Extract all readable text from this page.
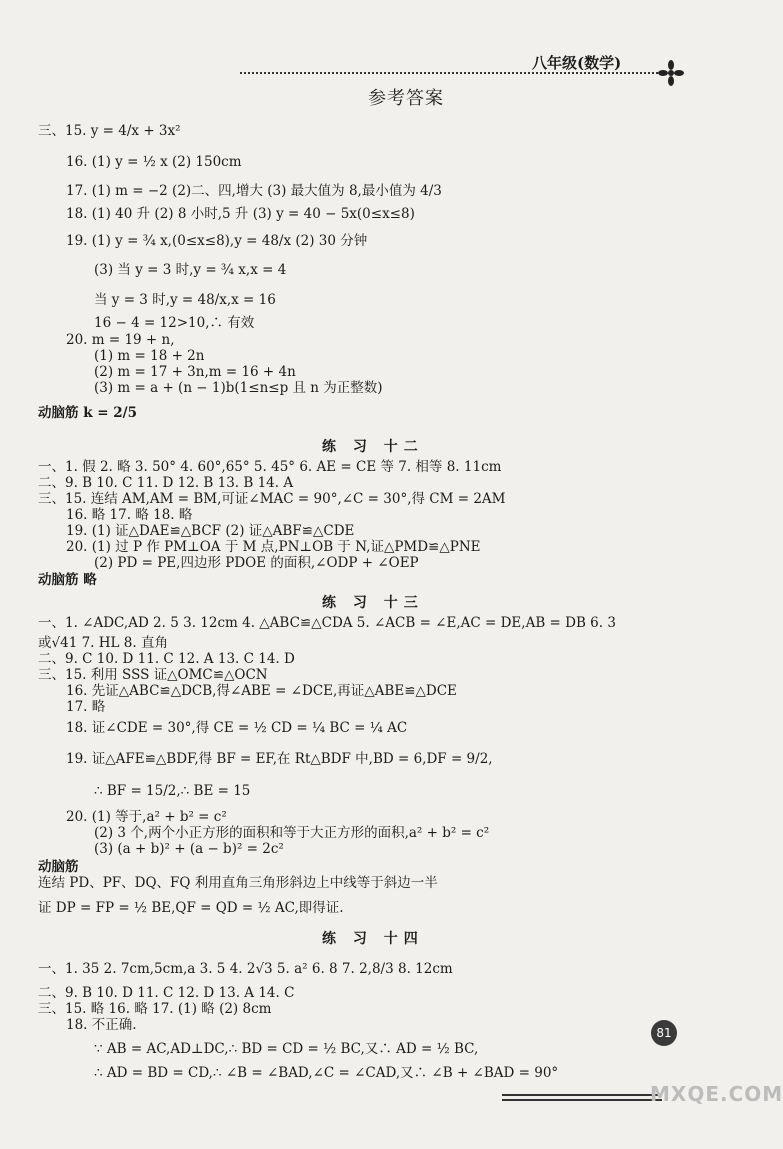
八年级(数学)
参考答案
三、15. y = 4/x + 3x²
16. (1) y = ½ x (2) 150cm
17. (1) m = −2 (2)二、四,增大 (3) 最大值为 8,最小值为 4/3
18. (1) 40 升 (2) 8 小时,5 升 (3) y = 40 − 5x(0≤x≤8)
19. (1) y = ¾ x,(0≤x≤8),y = 48/x (2) 30 分钟
(3) 当 y = 3 时,y = ¾ x,x = 4
当 y = 3 时,y = 48/x,x = 16
16 − 4 = 12>10,∴ 有效
20. m = 19 + n,
(1) m = 18 + 2n
(2) m = 17 + 3n,m = 16 + 4n
(3) m = a + (n − 1)b(1≤n≤p 且 n 为正整数)
动脑筋 k = 2/5
练 习 十二
一、1. 假 2. 略 3. 50° 4. 60°,65° 5. 45° 6. AE = CE 等 7. 相等 8. 11cm
二、9. B 10. C 11. D 12. B 13. B 14. A
三、15. 连结 AM,AM = BM,可证∠MAC = 90°,∠C = 30°,得 CM = 2AM
16. 略 17. 略 18. 略
19. (1) 证△DAE≌△BCF (2) 证△ABF≌△CDE
20. (1) 过 P 作 PM⊥OA 于 M 点,PN⊥OB 于 N,证△PMD≌△PNE
(2) PD = PE,四边形 PDOE 的面积,∠ODP + ∠OEP
动脑筋 略
练 习 十三
一、1. ∠ADC,AD 2. 5 3. 12cm 4. △ABC≌△CDA 5. ∠ACB = ∠E,AC = DE,AB = DB 6. 3
或√41 7. HL 8. 直角
二、9. C 10. D 11. C 12. A 13. C 14. D
三、15. 利用 SSS 证△OMC≌△OCN
16. 先证△ABC≌△DCB,得∠ABE = ∠DCE,再证△ABE≌△DCE
17. 略
18. 证∠CDE = 30°,得 CE = ½ CD = ¼ BC = ¼ AC
19. 证△AFE≌△BDF,得 BF = EF,在 Rt△BDF 中,BD = 6,DF = 9/2,
∴ BF = 15/2,∴ BE = 15
20. (1) 等于,a² + b² = c²
(2) 3 个,两个小正方形的面积和等于大正方形的面积,a² + b² = c²
(3) (a + b)² + (a − b)² = 2c²
动脑筋
连结 PD、PF、DQ、FQ 利用直角三角形斜边上中线等于斜边一半
证 DP = FP = ½ BE,QF = QD = ½ AC,即得证.
练 习 十四
一、1. 35 2. 7cm,5cm,a 3. 5 4. 2√3 5. a² 6. 8 7. 2,8/3 8. 12cm
二、9. B 10. D 11. C 12. D 13. A 14. C
三、15. 略 16. 略 17. (1) 略 (2) 8cm
18. 不正确.
∵ AB = AC,AD⊥DC,∴ BD = CD = ½ BC,又∴ AD = ½ BC,
∴ AD = BD = CD,∴ ∠B = ∠BAD,∠C = ∠CAD,又∴ ∠B + ∠BAD = 90°
81
MXQE.COM
